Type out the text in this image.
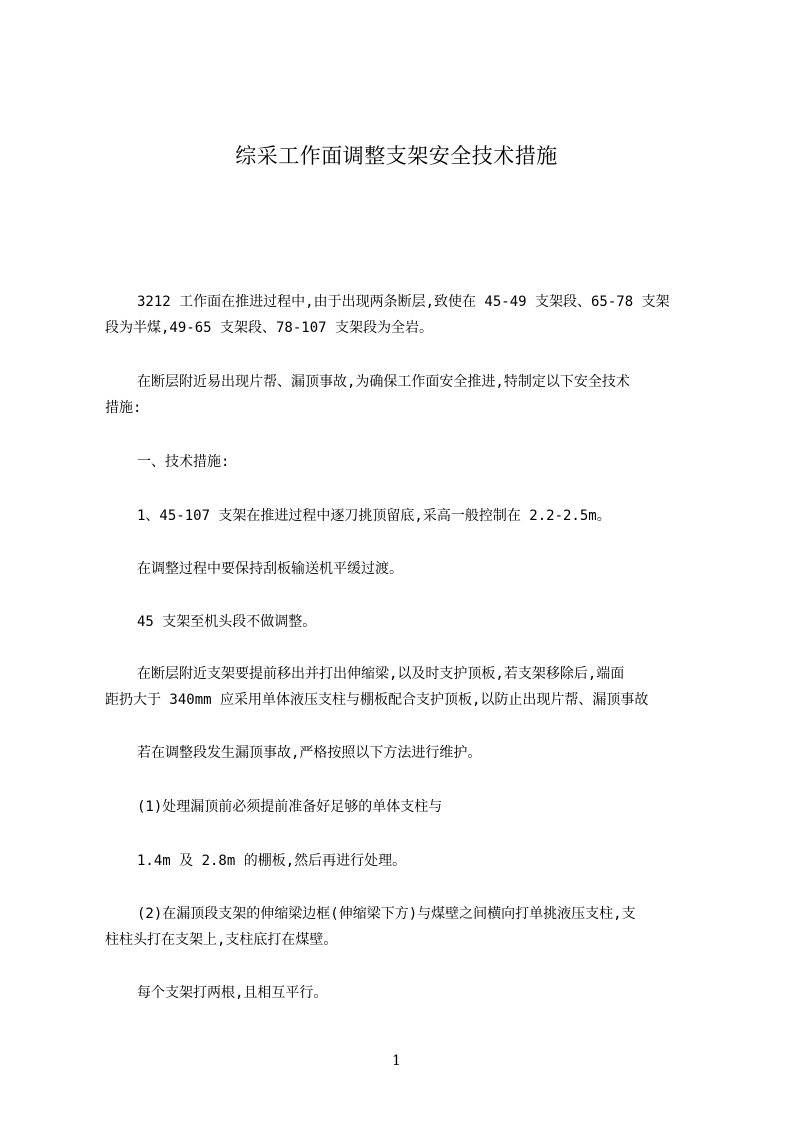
综采工作面调整支架安全技术措施
3212 工作面在推进过程中,由于出现两条断层,致使在 45-49 支架段、65-78 支架
段为半煤,49-65 支架段、78-107 支架段为全岩。
在断层附近易出现片帮、漏顶事故,为确保工作面安全推进,特制定以下安全技术
措施:
一、技术措施:
1、45-107 支架在推进过程中逐刀挑顶留底,采高一般控制在 2.2-2.5m。
在调整过程中要保持刮板输送机平缓过渡。
45 支架至机头段不做调整。
在断层附近支架要提前移出并打出伸缩梁,以及时支护顶板,若支架移除后,端面
距扔大于 340mm 应采用单体液压支柱与棚板配合支护顶板,以防止出现片帮、漏顶事故
若在调整段发生漏顶事故,严格按照以下方法进行维护。
(1)处理漏顶前必须提前准备好足够的单体支柱与
1.4m 及 2.8m 的棚板,然后再进行处理。
(2)在漏顶段支架的伸缩梁边框(伸缩梁下方)与煤壁之间横向打单挑液压支柱,支
柱柱头打在支架上,支柱底打在煤壁。
每个支架打两根,且相互平行。
1
